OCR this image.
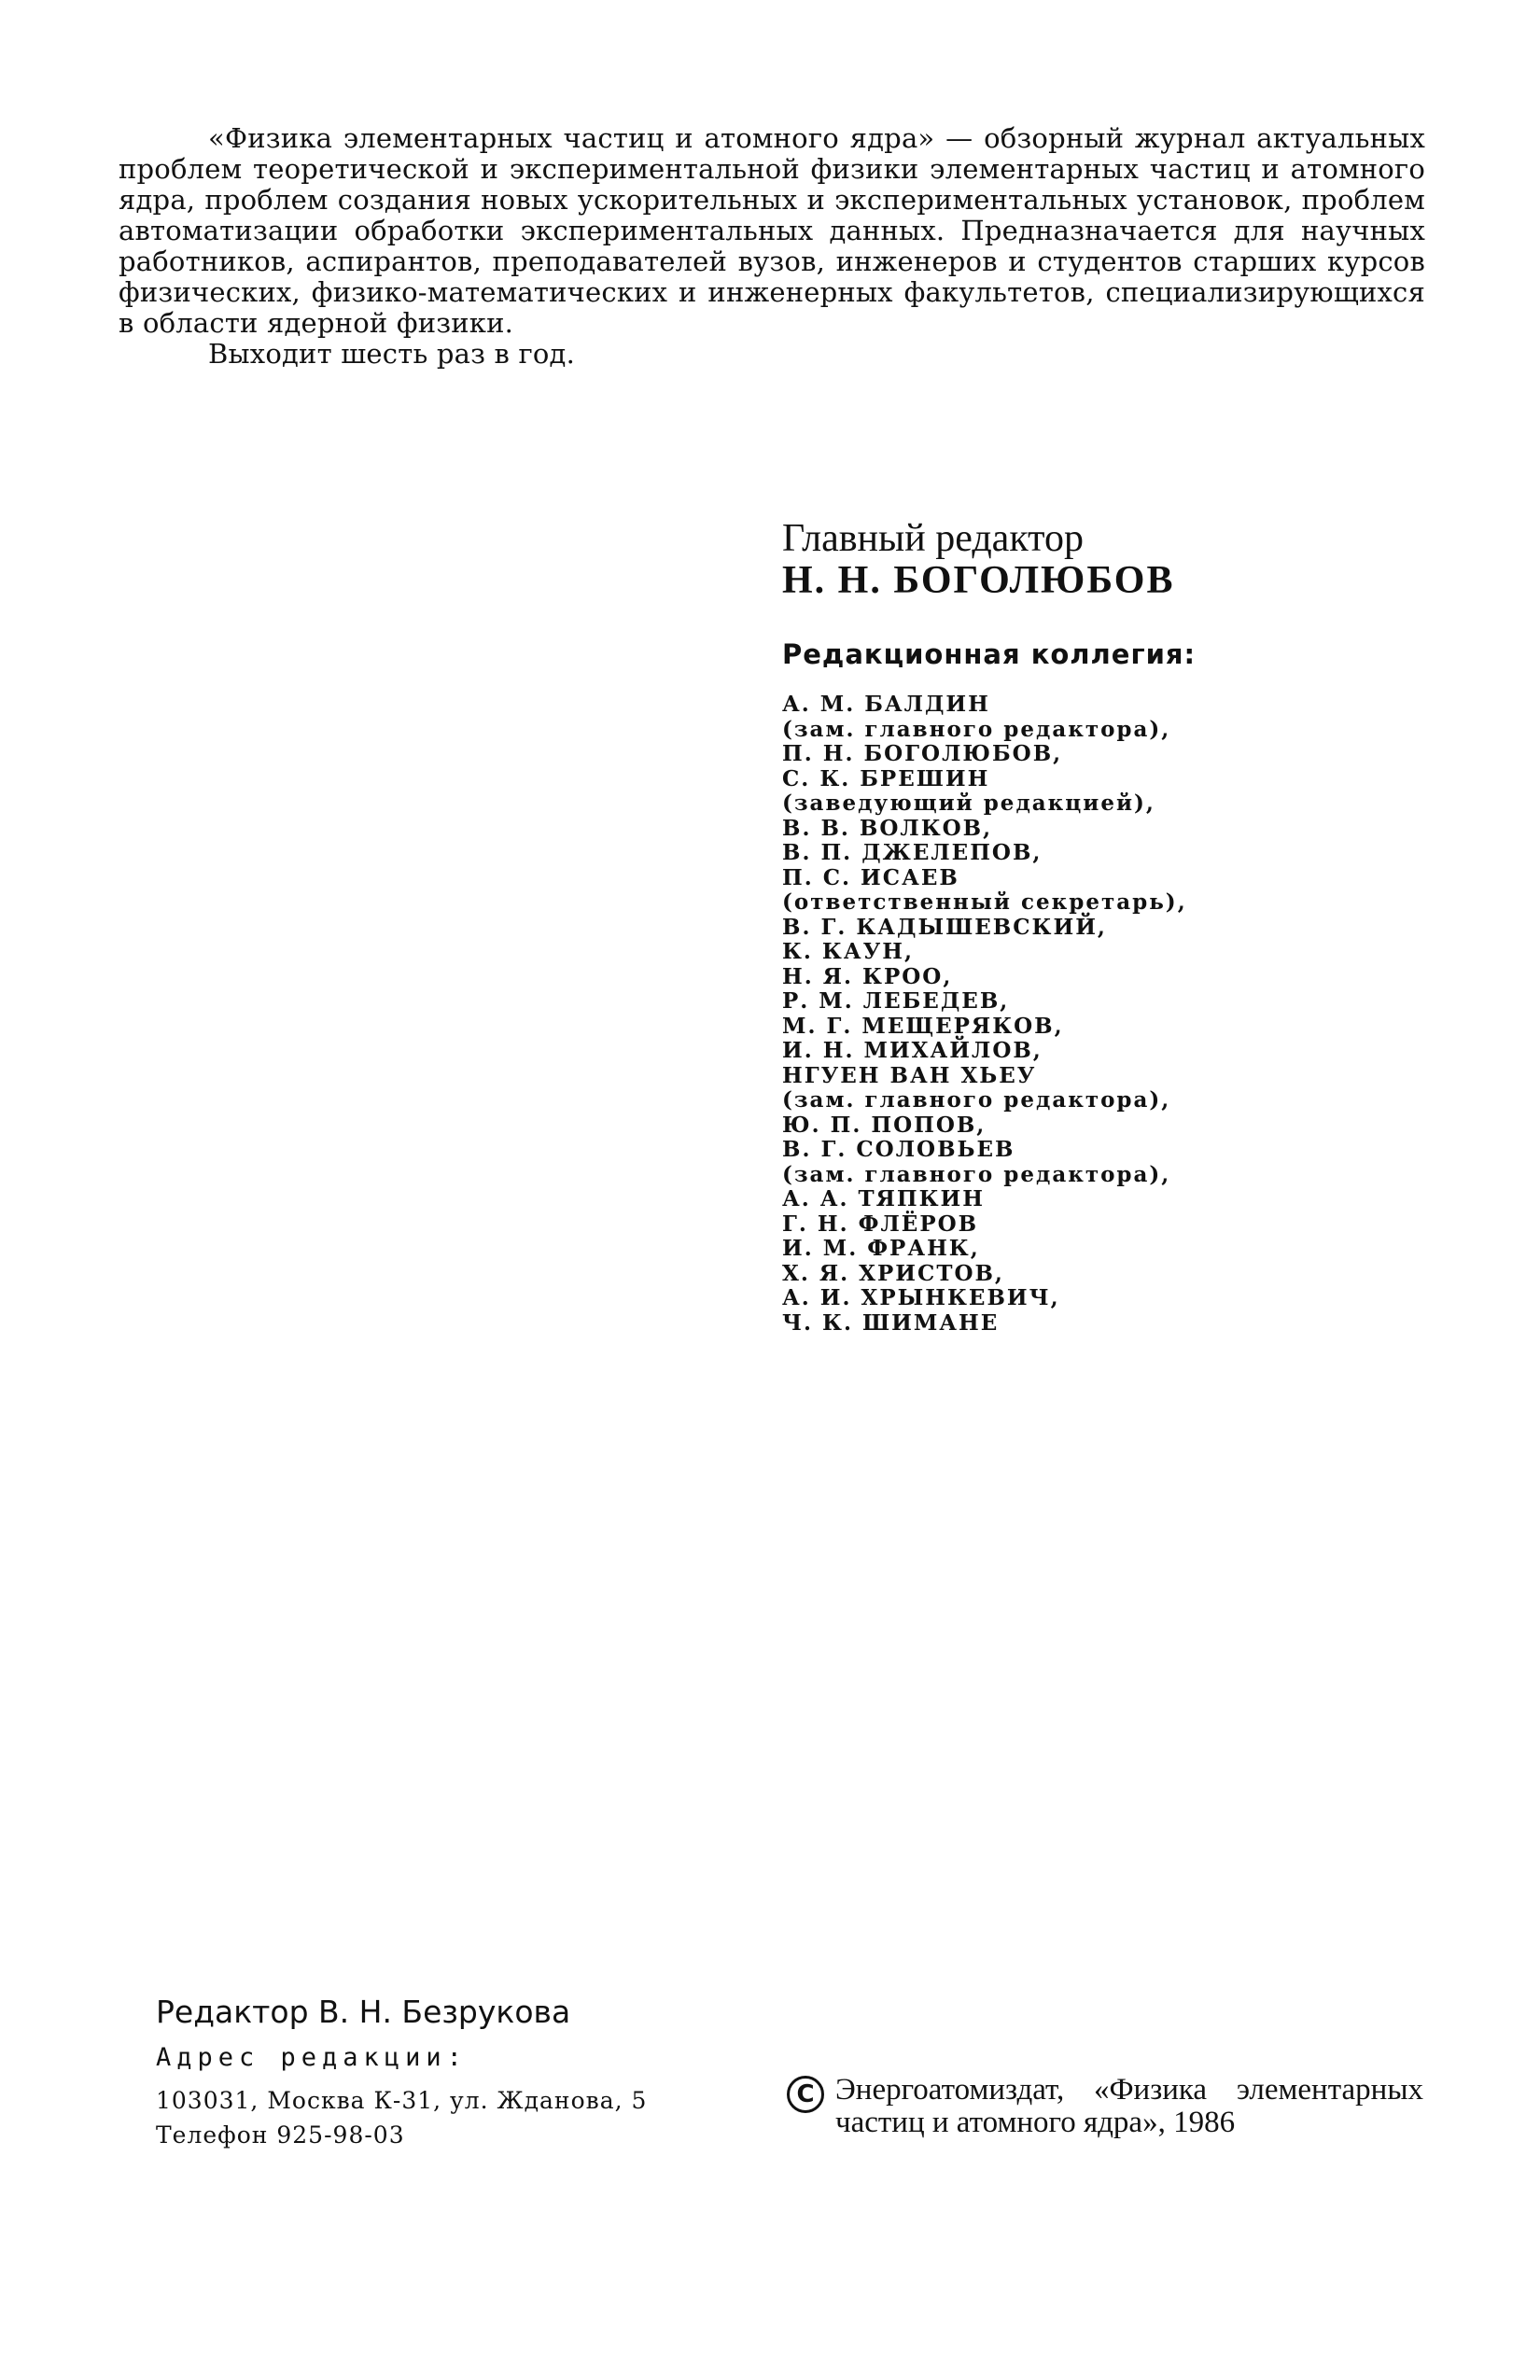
«Физика элементарных частиц и атомного ядра» — обзорный журнал актуальных проблем теоретической и экспериментальной физики элементарных частиц и атомного ядра, проблем создания новых ускорительных и экспериментальных установок, проблем автоматизации обработки экспериментальных данных. Предназначается для научных работников, аспирантов, преподавателей вузов, инженеров и студентов старших курсов физических, физико-математических и инженерных факультетов, специализирующихся в области ядерной физики.

Выходит шесть раз в год.

Главный редактор
Н. Н. БОГОЛЮБОВ
Редакционная коллегия:
А. М. БАЛДИН
(зам. главного редактора),
П. Н. БОГОЛЮБОВ,
С. К. БРЕШИН
(заведующий редакцией),
В. В. ВОЛКОВ,
В. П. ДЖЕЛЕПОВ,
П. С. ИСАЕВ
(ответственный секретарь),
В. Г. КАДЫШЕВСКИЙ,
К. КАУН,
Н. Я. КРОО,
Р. М. ЛЕБЕДЕВ,
М. Г. МЕЩЕРЯКОВ,
И. Н. МИХАЙЛОВ,
НГУЕН ВАН ХЬЕУ
(зам. главного редактора),
Ю. П. ПОПОВ,
В. Г. СОЛОВЬЕВ
(зам. главного редактора),
А. А. ТЯПКИН
Г. Н. ФЛЁРОВ
И. М. ФРАНК,
Х. Я. ХРИСТОВ,
А. И. ХРЫНКЕВИЧ,
Ч. К. ШИМАНЕ
Редактор В. Н. Безрукова
Адрес редакции:
103031, Москва К-31, ул. Жданова, 5
Телефон 925-98-03
C Энергоатомиздат, «Физика элементарных частиц и атомного ядра», 1986
